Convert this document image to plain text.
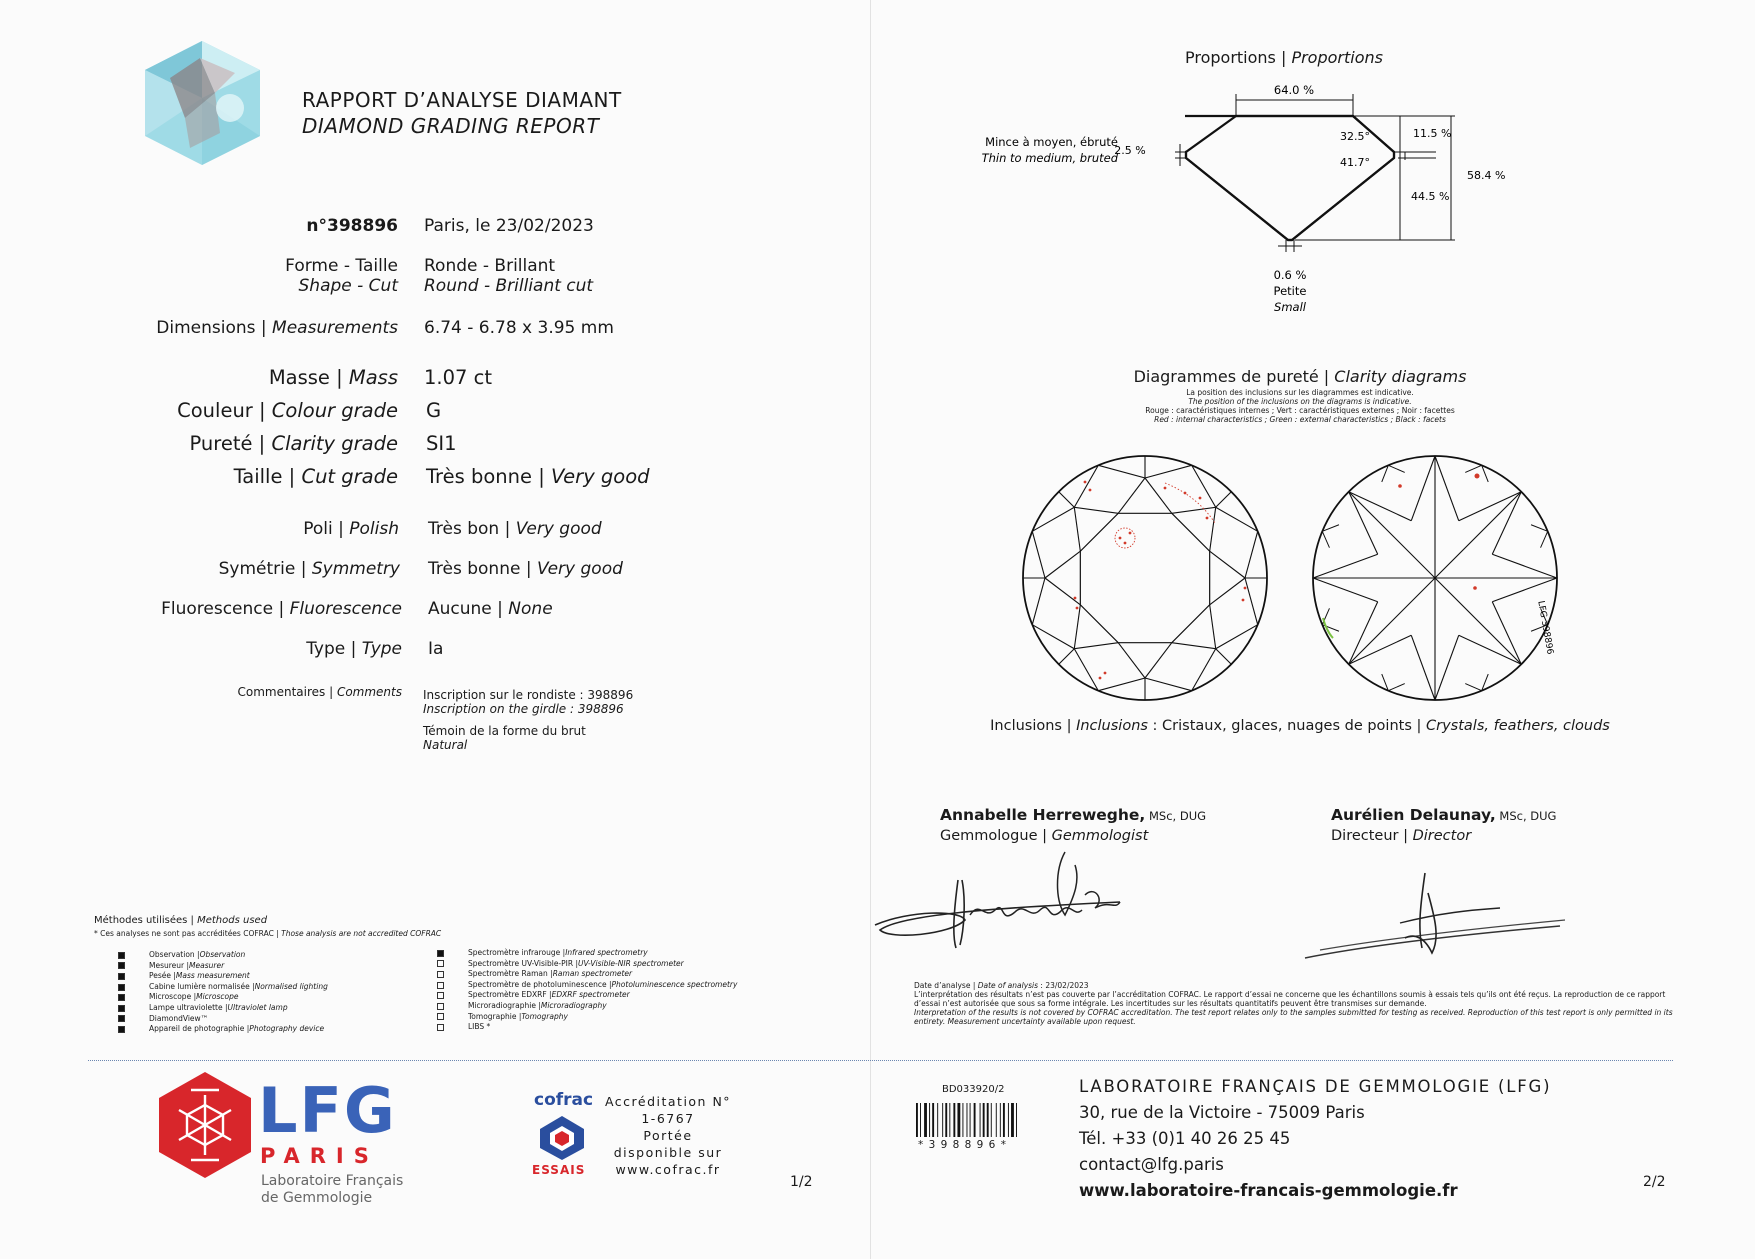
RAPPORT D’ANALYSE DIAMANT
DIAMOND GRADING REPORT
n°398896 Paris, le 23/02/2023
Forme - Taille
Shape - Cut
Ronde - Brillant
Round - Brilliant cut
Dimensions | Measurements 6.74 - 6.78 x 3.95 mm
Masse | Mass 1.07 ct
Couleur | Colour grade G
Pureté | Clarity grade SI1
Taille | Cut grade Très bonne | Very good
Poli | Polish Très bon | Very good
Symétrie | Symmetry Très bonne | Very good
Fluorescence | Fluorescence Aucune | None
Type | Type Ia
Commentaires | Comments Inscription sur le rondiste : 398896
Inscription on the girdle : 398896
Témoin de la forme du brut
Natural
Méthodes utilisées | Methods used
* Ces analyses ne sont pas accréditées COFRAC | Those analysis are not accredited COFRAC
Observation | Observation
Mesureur | Measurer
Pesée | Mass measurement
Cabine lumière normalisée | Normalised lighting
Microscope | Microscope
Lampe ultraviolette | Ultraviolet lamp
DiamondView™
Appareil de photographie | Photography device
Spectromètre infrarouge | Infrared spectrometry
Spectromètre UV-Visible-PIR | UV-Visible-NIR spectrometer
Spectromètre Raman | Raman spectrometer
Spectromètre de photoluminescence | Photoluminescence spectrometry
Spectromètre EDXRF | EDXRF spectrometer
Microradiographie | Microradiography
Tomographie | Tomography
LIBS *
Proportions | Proportions
64.0 %
32.5°
41.7°
11.5 %
58.4 %
44.5 %
2.5 %
Mince à moyen, ébruté
Thin to medium, bruted
0.6 %
Petite
Small
Diagrammes de pureté | Clarity diagrams
La position des inclusions sur les diagrammes est indicative.
The position of the inclusions on the diagrams is indicative.
Rouge : caractéristiques internes ; Vert : caractéristiques externes ; Noir : facettes
Red : internal characteristics ; Green : external characteristics ; Black : facets
LFG 398896
Inclusions | Inclusions : Cristaux, glaces, nuages de points | Crystals, feathers, clouds
Annabelle Herreweghe, MSc, DUG
Gemmologue | Gemmologist
Aurélien Delaunay, MSc, DUG
Directeur | Director
Date d’analyse | Date of analysis : 23/02/2023
L’interprétation des résultats n’est pas couverte par l’accréditation COFRAC. Le rapport d’essai ne concerne que les échantillons soumis à essais tels qu’ils ont été reçus. La reproduction de ce rapport d’essai n’est autorisée que sous sa forme intégrale. Les incertitudes sur les résultats quantitatifs peuvent être transmises sur demande.
Interpretation of the results is not covered by COFRAC accreditation. The test report relates only to the samples submitted for testing as received. Reproduction of this test report is only permitted in its entirety. Measurement uncertainty available upon request.
LFG
PARIS
Laboratoire Français
de Gemmologie
cofrac
ESSAIS
Accréditation N°
1-6767
Portée
disponible sur
www.cofrac.fr
1/2
BD033920/2
* 3 9 8 8 9 6 *
LABORATOIRE FRANÇAIS DE GEMMOLOGIE (LFG)
30, rue de la Victoire - 75009 Paris
Tél. +33 (0)1 40 26 25 45
contact@lfg.paris
www.laboratoire-francais-gemmologie.fr	2/2
